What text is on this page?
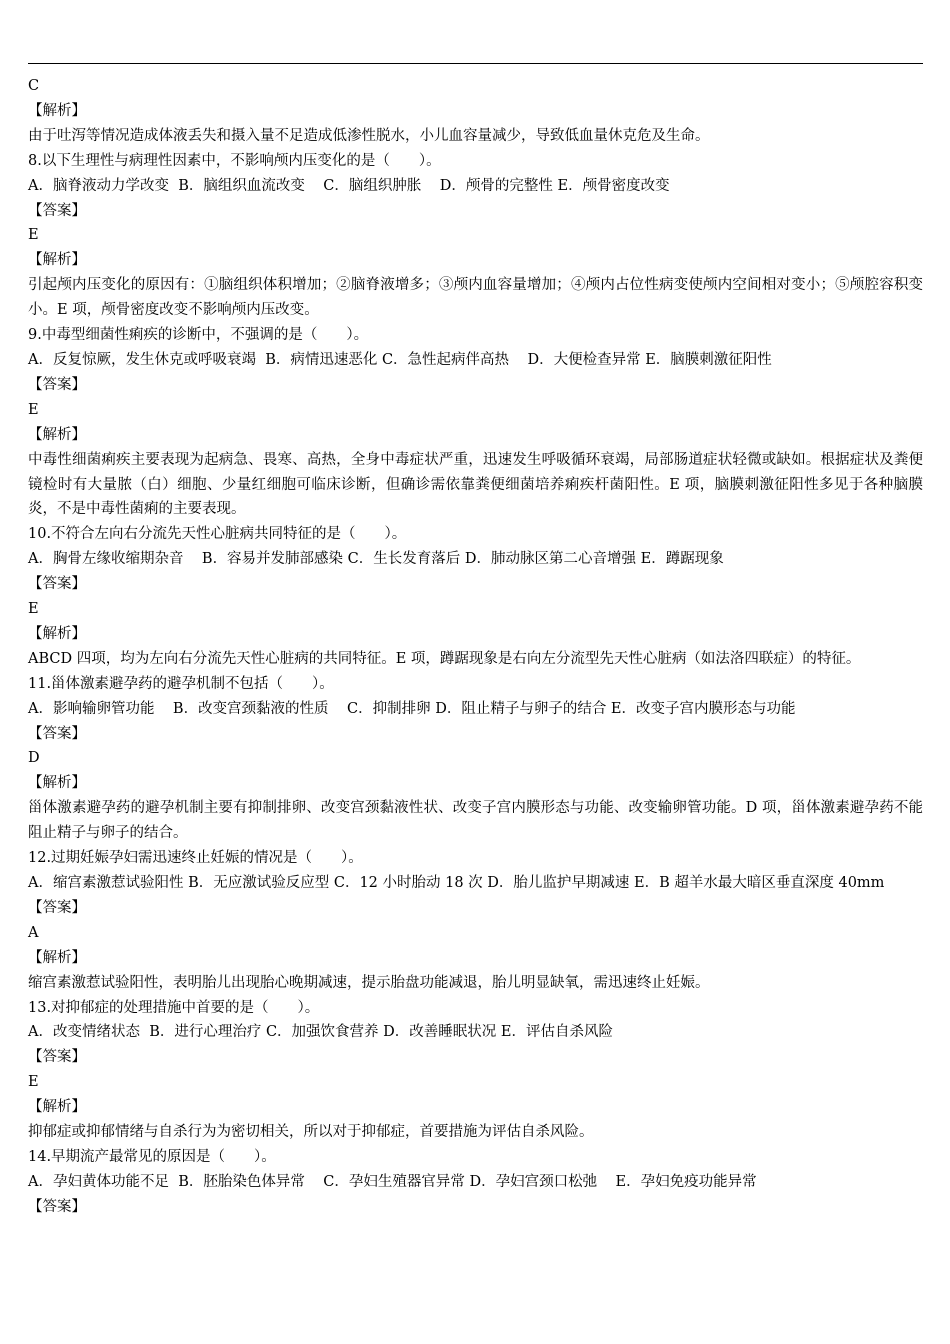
C
【解析】
由于吐泻等情况造成体液丢失和摄入量不足造成低渗性脱水，小儿血容量减少，导致低血量休克危及生命。
8.以下生理性与病理性因素中，不影响颅内压变化的是（　　）。
A．脑脊液动力学改变  B．脑组织血流改变    C．脑组织肿胀    D．颅骨的完整性 E．颅骨密度改变
【答案】
E
【解析】
引起颅内压变化的原因有：①脑组织体积增加；②脑脊液增多；③颅内血容量增加；④颅内占位性病变使颅内空间相对变小；⑤颅腔容积变小。E 项，颅骨密度改变不影响颅内压改变。
9.中毒型细菌性痢疾的诊断中，不强调的是（　　）。
A．反复惊厥，发生休克或呼吸衰竭  B．病情迅速恶化 C．急性起病伴高热    D．大便检查异常 E．脑膜刺激征阳性
【答案】
E
【解析】
中毒性细菌痢疾主要表现为起病急、畏寒、高热，全身中毒症状严重，迅速发生呼吸循环衰竭，局部肠道症状轻微或缺如。根据症状及粪便镜检时有大量脓（白）细胞、少量红细胞可临床诊断，但确诊需依靠粪便细菌培养痢疾杆菌阳性。E 项，脑膜刺激征阳性多见于各种脑膜炎，不是中毒性菌痢的主要表现。
10.不符合左向右分流先天性心脏病共同特征的是（　　）。
A．胸骨左缘收缩期杂音    B．容易并发肺部感染 C．生长发育落后 D．肺动脉区第二心音增强 E．蹲踞现象
【答案】
E
【解析】
ABCD 四项，均为左向右分流先天性心脏病的共同特征。E 项，蹲踞现象是右向左分流型先天性心脏病（如法洛四联症）的特征。
11.甾体激素避孕药的避孕机制不包括（　　）。
A．影响输卵管功能    B．改变宫颈黏液的性质    C．抑制排卵 D．阻止精子与卵子的结合 E．改变子宫内膜形态与功能
【答案】
D
【解析】
甾体激素避孕药的避孕机制主要有抑制排卵、改变宫颈黏液性状、改变子宫内膜形态与功能、改变输卵管功能。D 项，甾体激素避孕药不能阻止精子与卵子的结合。
12.过期妊娠孕妇需迅速终止妊娠的情况是（　　）。
A．缩宫素激惹试验阳性 B．无应激试验反应型 C．12 小时胎动 18 次 D．胎儿监护早期减速 E．B 超羊水最大暗区垂直深度 40mm
【答案】
A
【解析】
缩宫素激惹试验阳性，表明胎儿出现胎心晚期减速，提示胎盘功能减退，胎儿明显缺氧，需迅速终止妊娠。
13.对抑郁症的处理措施中首要的是（　　）。
A．改变情绪状态  B．进行心理治疗 C．加强饮食营养 D．改善睡眠状况 E．评估自杀风险
【答案】
E
【解析】
抑郁症或抑郁情绪与自杀行为为密切相关，所以对于抑郁症，首要措施为评估自杀风险。
14.早期流产最常见的原因是（　　）。
A．孕妇黄体功能不足  B．胚胎染色体异常    C．孕妇生殖器官异常 D．孕妇宫颈口松弛    E．孕妇免疫功能异常
【答案】
